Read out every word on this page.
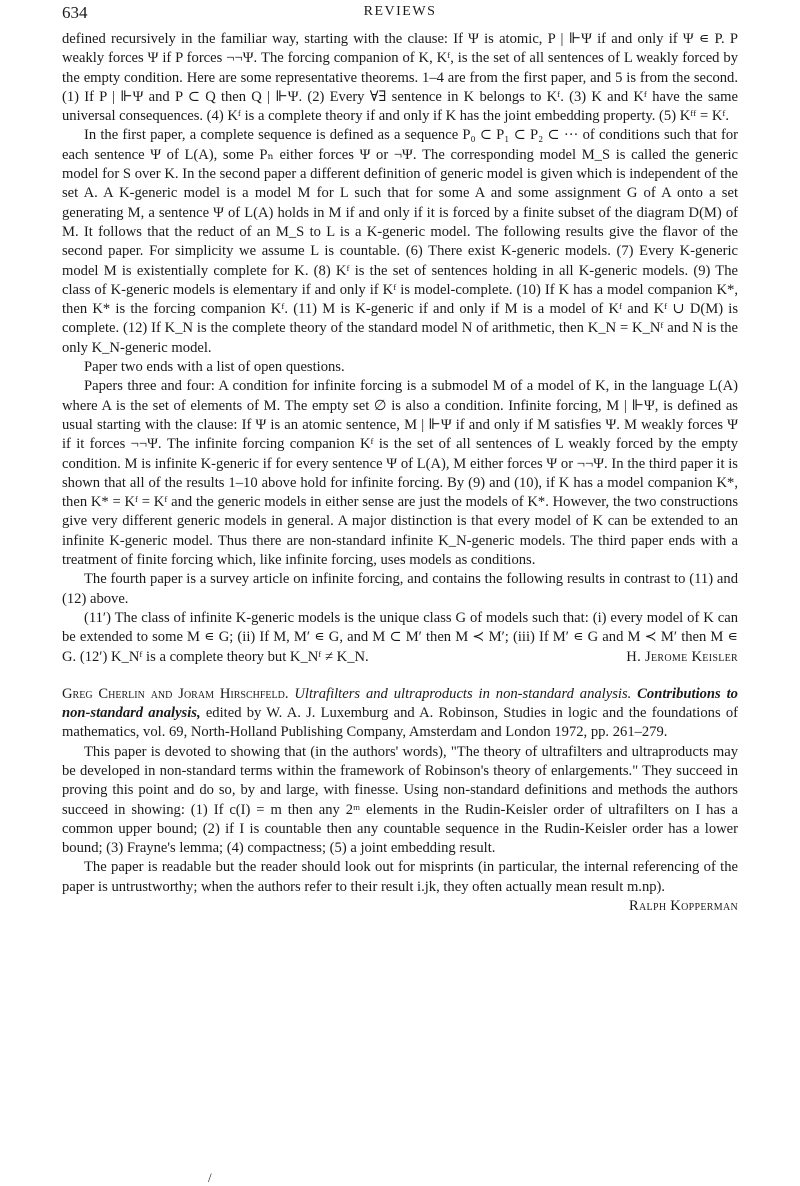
634	REVIEWS

defined recursively in the familiar way, starting with the clause: If Ψ is atomic, P | ⊩Ψ if and only if Ψ ∊ P. P weakly forces Ψ if P forces ¬¬Ψ. The forcing companion of K, Kᶠ, is the set of all sentences of L weakly forced by the empty condition. Here are some representative theorems. 1–4 are from the first paper, and 5 is from the second. (1) If P | ⊩Ψ and P ⊂ Q then Q | ⊩Ψ. (2) Every ∀∃ sentence in K belongs to Kᶠ. (3) K and Kᶠ have the same universal consequences. (4) Kᶠ is a complete theory if and only if K has the joint embedding property. (5) Kᶠᶠ = Kᶠ.

In the first paper, a complete sequence is defined as a sequence P₀ ⊂ P₁ ⊂ P₂ ⊂ ··· of conditions such that for each sentence Ψ of L(A), some Pₙ either forces Ψ or ¬Ψ. The corresponding model M_S is called the generic model for S over K. In the second paper a different definition of generic model is given which is independent of the set A. A K-generic model is a model M for L such that for some A and some assignment G of A onto a set generating M, a sentence Ψ of L(A) holds in M if and only if it is forced by a finite subset of the diagram D(M) of M. It follows that the reduct of an M_S to L is a K-generic model. The following results give the flavor of the second paper. For simplicity we assume L is countable. (6) There exist K-generic models. (7) Every K-generic model M is existentially complete for K. (8) Kᶠ is the set of sentences holding in all K-generic models. (9) The class of K-generic models is elementary if and only if Kᶠ is model-complete. (10) If K has a model companion K*, then K* is the forcing companion Kᶠ. (11) M is K-generic if and only if M is a model of Kᶠ and Kᶠ ∪ D(M) is complete. (12) If K_N is the complete theory of the standard model N of arithmetic, then K_N = K_Nᶠ and N is the only K_N-generic model.

Paper two ends with a list of open questions.

Papers three and four: A condition for infinite forcing is a submodel M of a model of K, in the language L(A) where A is the set of elements of M. The empty set ∅ is also a condition. Infinite forcing, M | ⊩Ψ, is defined as usual starting with the clause: If Ψ is an atomic sentence, M | ⊩Ψ if and only if M satisfies Ψ. M weakly forces Ψ if it forces ¬¬Ψ. The infinite forcing companion Kᶠ is the set of all sentences of L weakly forced by the empty condition. M is infinite K-generic if for every sentence Ψ of L(A), M either forces Ψ or ¬¬Ψ. In the third paper it is shown that all of the results 1–10 above hold for infinite forcing. By (9) and (10), if K has a model companion K*, then K* = Kᶠ = Kᶠ and the generic models in either sense are just the models of K*. However, the two constructions give very different generic models in general. A major distinction is that every model of K can be extended to an infinite K-generic model. Thus there are non-standard infinite K_N-generic models. The third paper ends with a treatment of finite forcing which, like infinite forcing, uses models as conditions.

The fourth paper is a survey article on infinite forcing, and contains the following results in contrast to (11) and (12) above.

(11′) The class of infinite K-generic models is the unique class G of models such that: (i) every model of K can be extended to some M ∊ G; (ii) If M, M′ ∊ G, and M ⊂ M′ then M ≺ M′; (iii) If M′ ∊ G and M ≺ M′ then M ∊ G. (12′) K_Nᶠ is a complete theory but K_Nᶠ ≠ K_N.	H. Jerome Keisler

Greg Cherlin and Joram Hirschfeld. Ultrafilters and ultraproducts in non-standard analysis. Contributions to non-standard analysis, edited by W. A. J. Luxemburg and A. Robinson, Studies in logic and the foundations of mathematics, vol. 69, North-Holland Publishing Company, Amsterdam and London 1972, pp. 261–279.

This paper is devoted to showing that (in the authors' words), "The theory of ultrafilters and ultraproducts may be developed in non-standard terms within the framework of Robinson's theory of enlargements." They succeed in proving this point and do so, by and large, with finesse. Using non-standard definitions and methods the authors succeed in showing: (1) If c(I) = m then any 2ᵐ elements in the Rudin-Keisler order of ultrafilters on I has a common upper bound; (2) if I is countable then any countable sequence in the Rudin-Keisler order has a lower bound; (3) Frayne's lemma; (4) compactness; (5) a joint embedding result.

The paper is readable but the reader should look out for misprints (in particular, the internal referencing of the paper is untrustworthy; when the authors refer to their result i.jk, they often actually mean result m.np).
Ralph Kopperman

/
